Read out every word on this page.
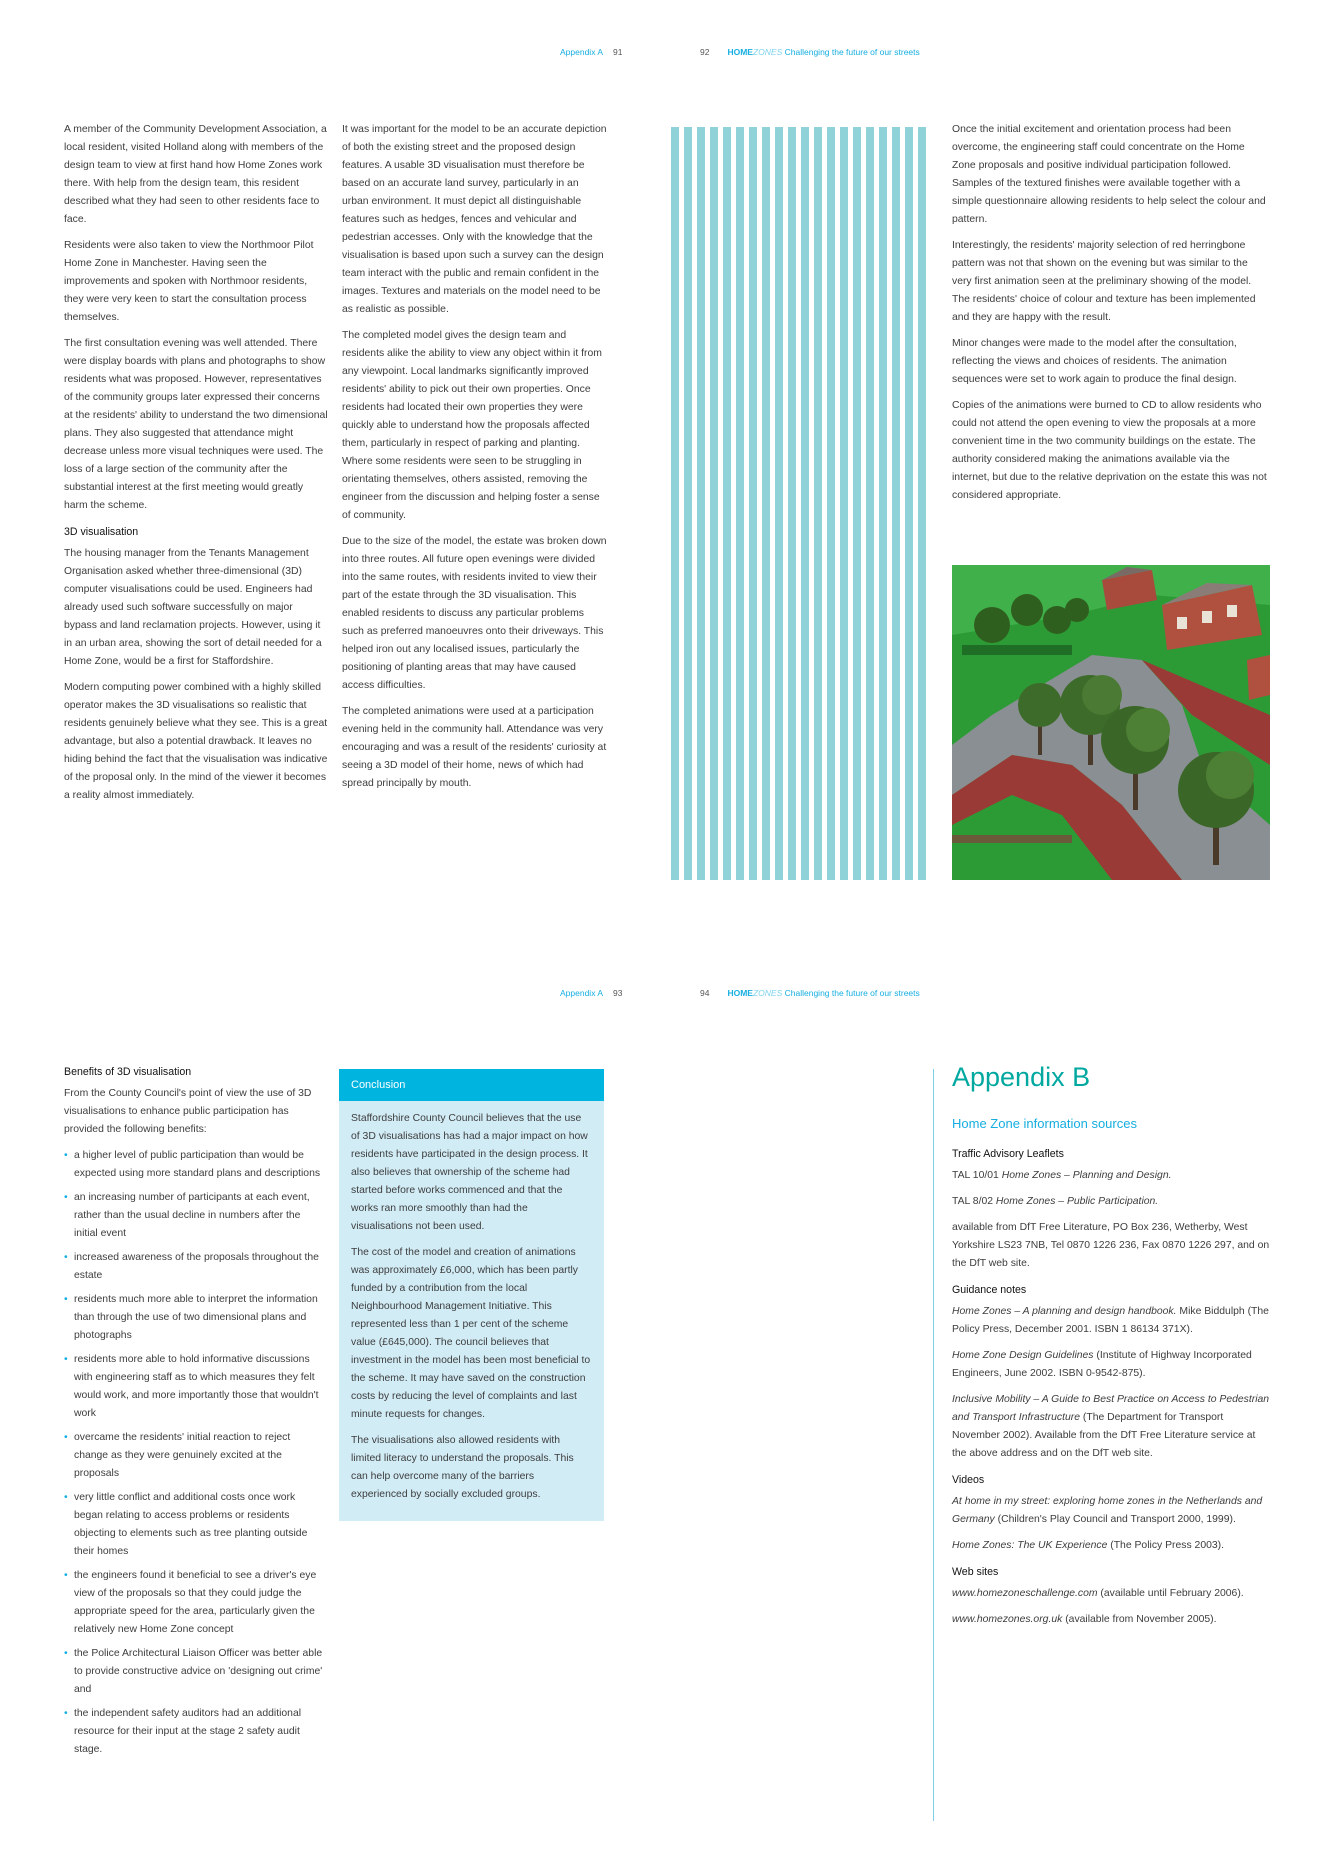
Appendix A 91	92 HOMEZONES Challenging the future of our streets

A member of the Community Development Association, a local resident, visited Holland along with members of the design team to view at first hand how Home Zones work there. With help from the design team, this resident described what they had seen to other residents face to face.

Residents were also taken to view the Northmoor Pilot Home Zone in Manchester. Having seen the improvements and spoken with Northmoor residents, they were very keen to start the consultation process themselves.

The first consultation evening was well attended. There were display boards with plans and photographs to show residents what was proposed. However, representatives of the community groups later expressed their concerns at the residents' ability to understand the two dimensional plans. They also suggested that attendance might decrease unless more visual techniques were used. The loss of a large section of the community after the substantial interest at the first meeting would greatly harm the scheme.

3D visualisation

The housing manager from the Tenants Management Organisation asked whether three-dimensional (3D) computer visualisations could be used. Engineers had already used such software successfully on major bypass and land reclamation projects. However, using it in an urban area, showing the sort of detail needed for a Home Zone, would be a first for Staffordshire.

Modern computing power combined with a highly skilled operator makes the 3D visualisations so realistic that residents genuinely believe what they see. This is a great advantage, but also a potential drawback. It leaves no hiding behind the fact that the visualisation was indicative of the proposal only. In the mind of the viewer it becomes a reality almost immediately.

It was important for the model to be an accurate depiction of both the existing street and the proposed design features. A usable 3D visualisation must therefore be based on an accurate land survey, particularly in an urban environment. It must depict all distinguishable features such as hedges, fences and vehicular and pedestrian accesses. Only with the knowledge that the visualisation is based upon such a survey can the design team interact with the public and remain confident in the images. Textures and materials on the model need to be as realistic as possible.

The completed model gives the design team and residents alike the ability to view any object within it from any viewpoint. Local landmarks significantly improved residents' ability to pick out their own properties. Once residents had located their own properties they were quickly able to understand how the proposals affected them, particularly in respect of parking and planting. Where some residents were seen to be struggling in orientating themselves, others assisted, removing the engineer from the discussion and helping foster a sense of community.

Due to the size of the model, the estate was broken down into three routes. All future open evenings were divided into the same routes, with residents invited to view their part of the estate through the 3D visualisation. This enabled residents to discuss any particular problems such as preferred manoeuvres onto their driveways. This helped iron out any localised issues, particularly the positioning of planting areas that may have caused access difficulties.

The completed animations were used at a participation evening held in the community hall. Attendance was very encouraging and was a result of the residents' curiosity at seeing a 3D model of their home, news of which had spread principally by mouth.

Once the initial excitement and orientation process had been overcome, the engineering staff could concentrate on the Home Zone proposals and positive individual participation followed. Samples of the textured finishes were available together with a simple questionnaire allowing residents to help select the colour and pattern.

Interestingly, the residents' majority selection of red herringbone pattern was not that shown on the evening but was similar to the very first animation seen at the preliminary showing of the model. The residents' choice of colour and texture has been implemented and they are happy with the result.

Minor changes were made to the model after the consultation, reflecting the views and choices of residents. The animation sequences were set to work again to produce the final design.

Copies of the animations were burned to CD to allow residents who could not attend the open evening to view the proposals at a more convenient time in the two community buildings on the estate. The authority considered making the animations available via the internet, but due to the relative deprivation on the estate this was not considered appropriate.

Appendix A 93	94 HOMEZONES Challenging the future of our streets
Benefits of 3D visualisation

From the County Council's point of view the use of 3D visualisations to enhance public participation has provided the following benefits:

• a higher level of public participation than would be expected using more standard plans and descriptions
• an increasing number of participants at each event, rather than the usual decline in numbers after the initial event
• increased awareness of the proposals throughout the estate
• residents much more able to interpret the information than through the use of two dimensional plans and photographs
• residents more able to hold informative discussions with engineering staff as to which measures they felt would work, and more importantly those that wouldn't work
• overcame the residents' initial reaction to reject change as they were genuinely excited at the proposals
• very little conflict and additional costs once work began relating to access problems or residents objecting to elements such as tree planting outside their homes
• the engineers found it beneficial to see a driver's eye view of the proposals so that they could judge the appropriate speed for the area, particularly given the relatively new Home Zone concept
• the Police Architectural Liaison Officer was better able to provide constructive advice on 'designing out crime' and
• the independent safety auditors had an additional resource for their input at the stage 2 safety audit stage.
Conclusion

Staffordshire County Council believes that the use of 3D visualisations has had a major impact on how residents have participated in the design process. It also believes that ownership of the scheme had started before works commenced and that the works ran more smoothly than had the visualisations not been used.

The cost of the model and creation of animations was approximately £6,000, which has been partly funded by a contribution from the local Neighbourhood Management Initiative. This represented less than 1 per cent of the scheme value (£645,000). The council believes that investment in the model has been most beneficial to the scheme. It may have saved on the construction costs by reducing the level of complaints and last minute requests for changes.

The visualisations also allowed residents with limited literacy to understand the proposals. This can help overcome many of the barriers experienced by socially excluded groups.

Appendix B
Home Zone information sources
Traffic Advisory Leaflets

TAL 10/01 Home Zones – Planning and Design.

TAL 8/02 Home Zones – Public Participation.

available from DfT Free Literature, PO Box 236, Wetherby, West Yorkshire LS23 7NB, Tel 0870 1226 236, Fax 0870 1226 297, and on the DfT web site.

Guidance notes

Home Zones – A planning and design handbook. Mike Biddulph (The Policy Press, December 2001. ISBN 1 86134 371X).

Home Zone Design Guidelines (Institute of Highway Incorporated Engineers, June 2002. ISBN 0-9542-875).

Inclusive Mobility – A Guide to Best Practice on Access to Pedestrian and Transport Infrastructure (The Department for Transport November 2002). Available from the DfT Free Literature service at the above address and on the DfT web site.

Videos

At home in my street: exploring home zones in the Netherlands and Germany (Children's Play Council and Transport 2000, 1999).

Home Zones: The UK Experience (The Policy Press 2003).

Web sites

www.homezoneschallenge.com (available until February 2006).

www.homezones.org.uk (available from November 2005).
